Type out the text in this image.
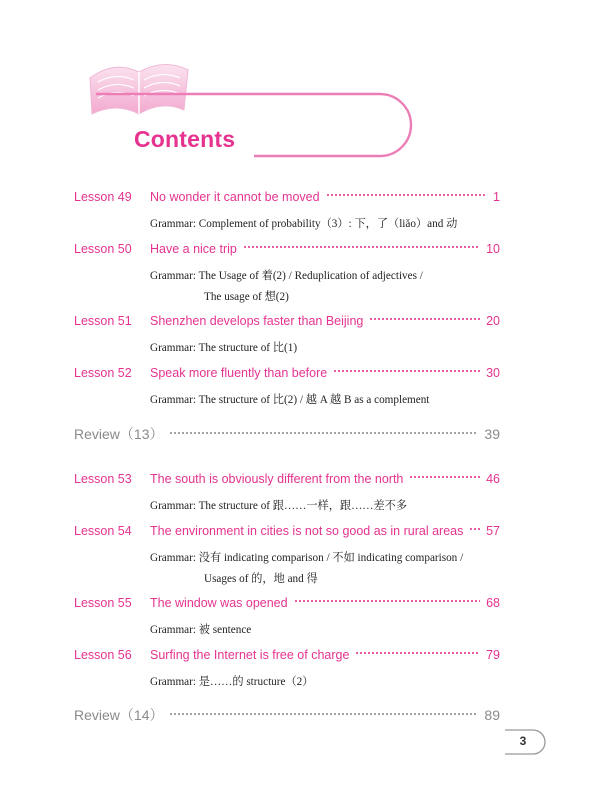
Contents
Lesson 49	No wonder it cannot be moved	1
Grammar: Complement of probability（3）: 下，了（liǎo）and 动
Lesson 50	Have a nice trip	10
Grammar: The Usage of 着(2) / Reduplication of adjectives /
The usage of 想(2)
Lesson 51	Shenzhen develops faster than Beijing	20
Grammar: The structure of 比(1)
Lesson 52	Speak more fluently than before	30
Grammar: The structure of 比(2) / 越 A 越 B as a complement
Review（13）	39
Lesson 53	The south is obviously different from the north	46
Grammar: The structure of 跟……一样，跟……差不多
Lesson 54	The environment in cities is not so good as in rural areas 57
Grammar: 没有 indicating comparison / 不如 indicating comparison /
Usages of 的，地 and 得
Lesson 55	The window was opened	68
Grammar: 被 sentence
Lesson 56	Surfing the Internet is free of charge	79
Grammar: 是……的 structure（2）
Review（14）	89
3
